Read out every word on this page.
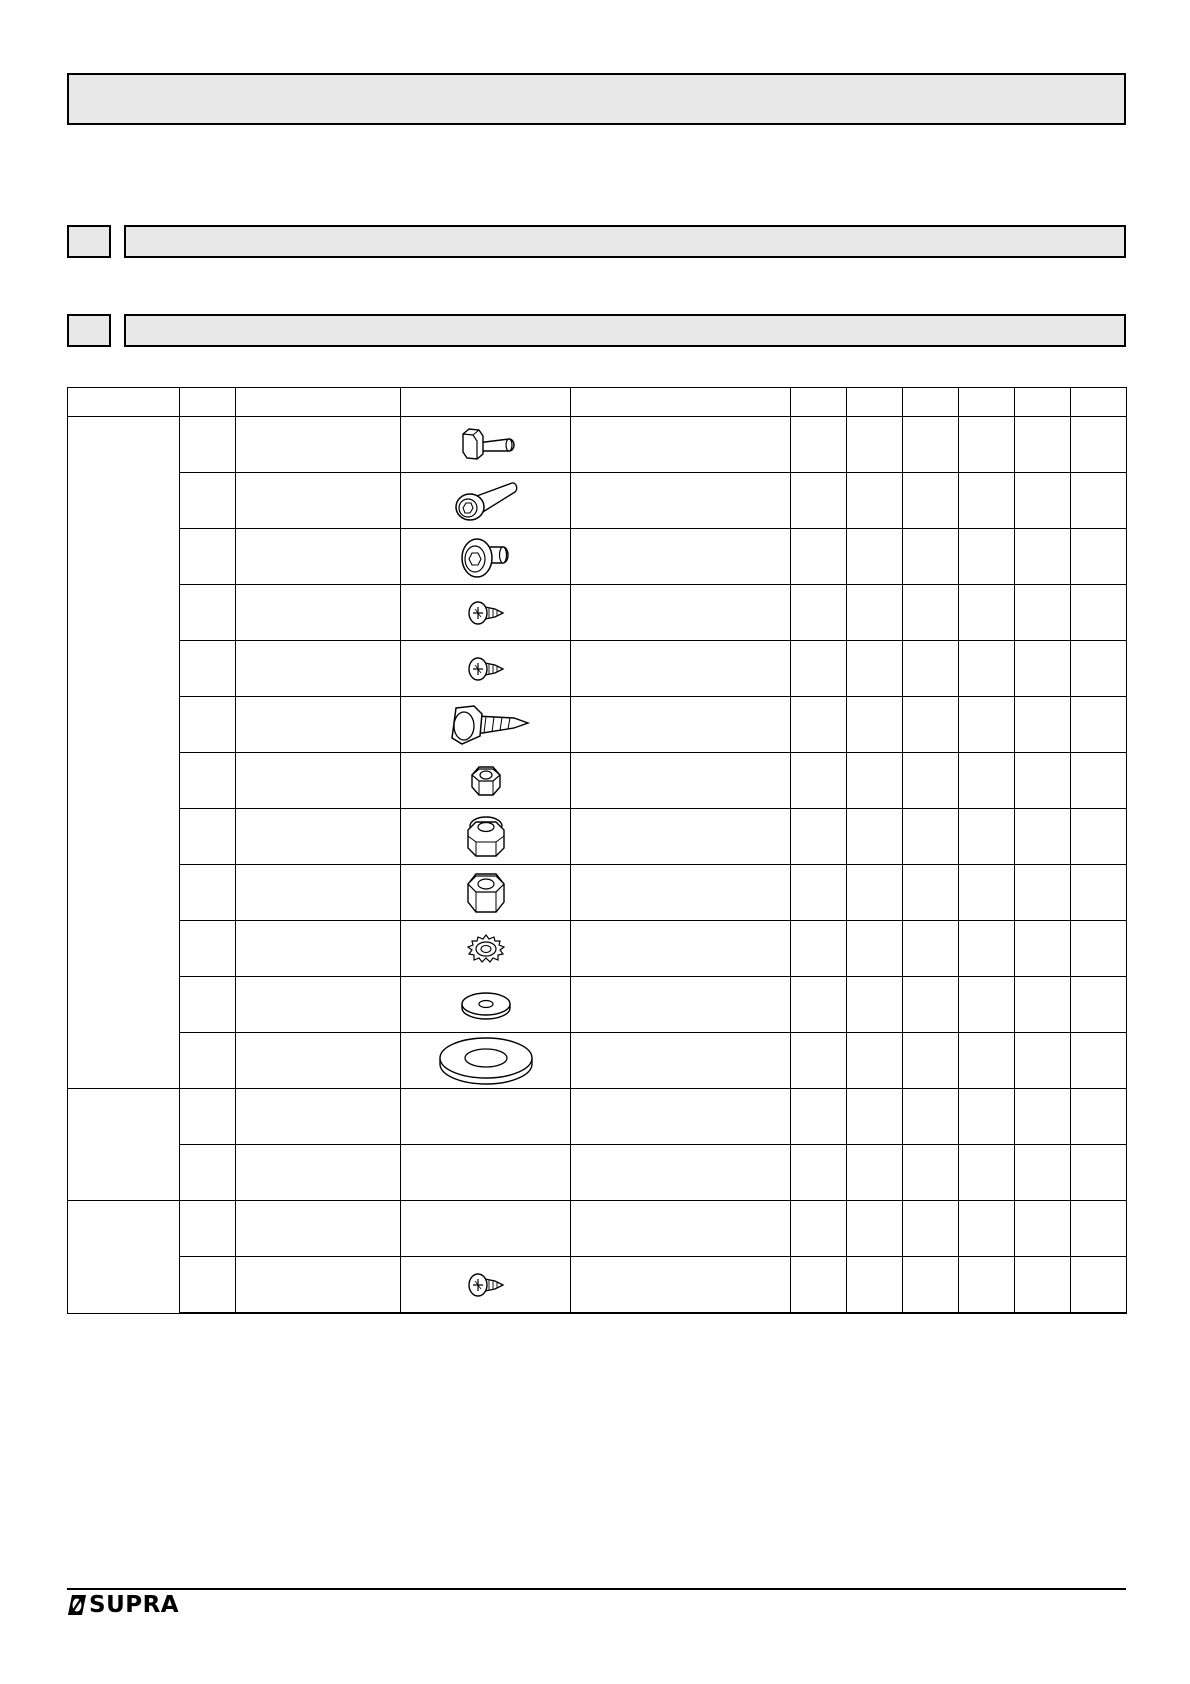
SUPRA
